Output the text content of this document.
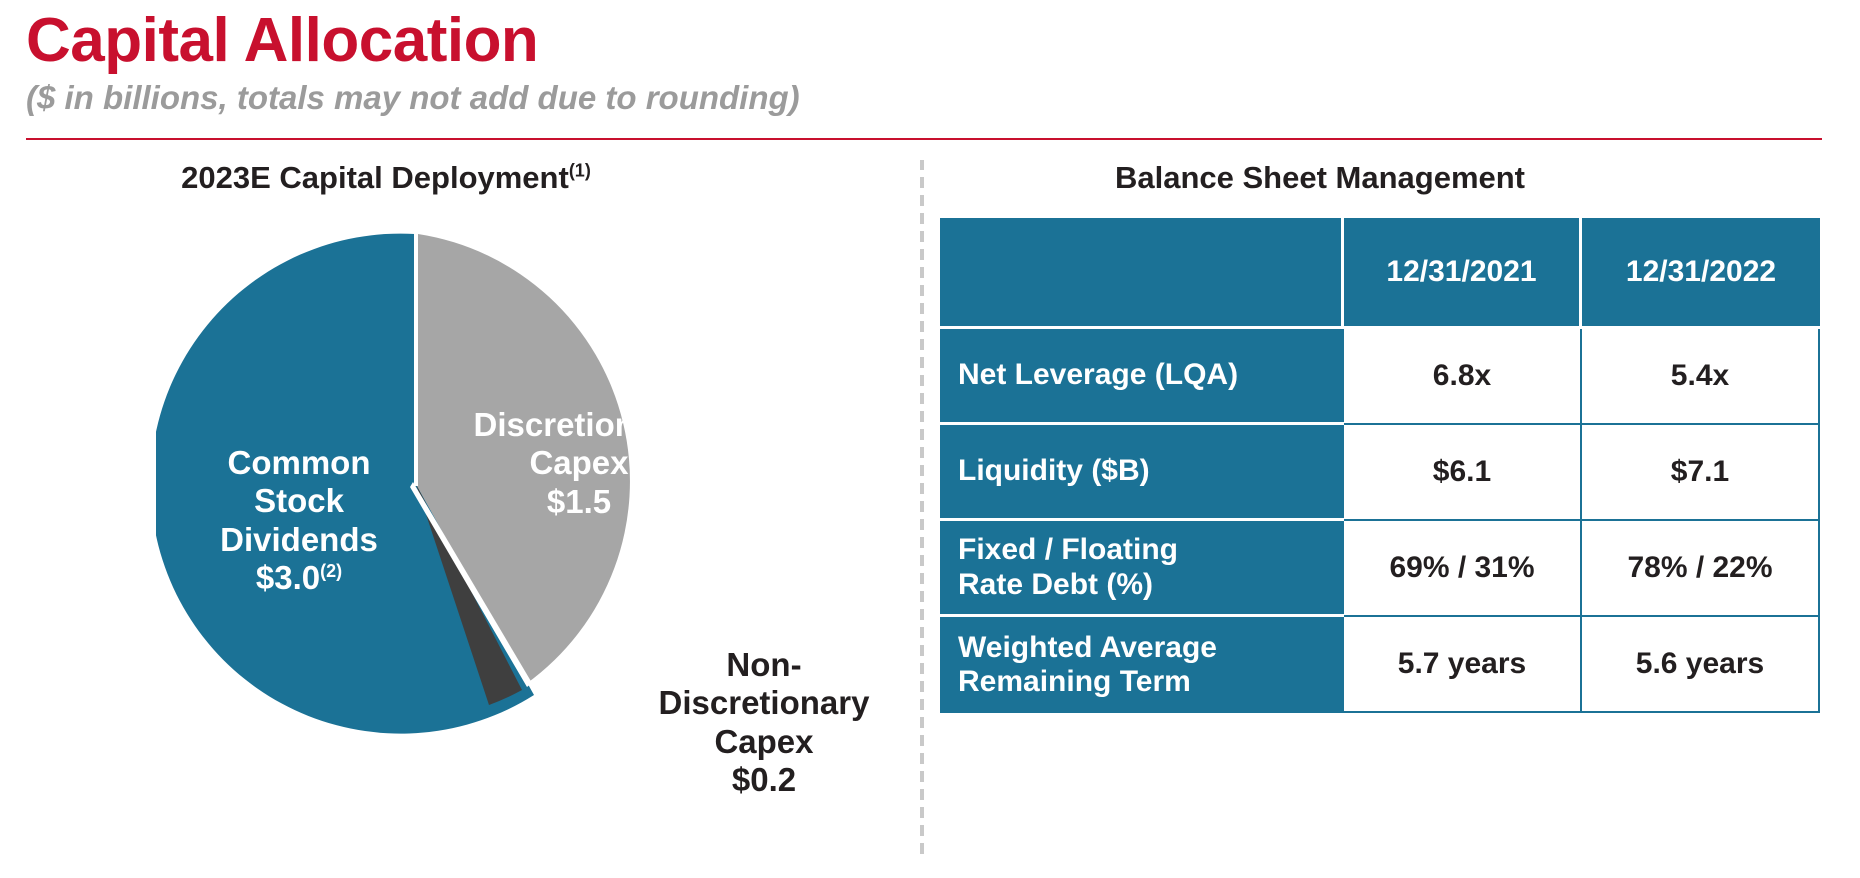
Capital Allocation
($ in billions, totals may not add due to rounding)
2023E Capital Deployment$^{(1)}$
Common
Stock
Dividends
$3.0$^{(2)}$
Discretionary
Capex
$1.5
Non-
Discretionary
Capex
$0.2
Balance Sheet Management
	12/31/2021	12/31/2022
Net Leverage (LQA)	6.8x	5.4x
Liquidity ($B)	$6.1	$7.1

Fixed / Floating
Rate Debt (%)	69% / 31%	78% / 22%

Weighted Average
Remaining Term	5.7 years	5.6 years
